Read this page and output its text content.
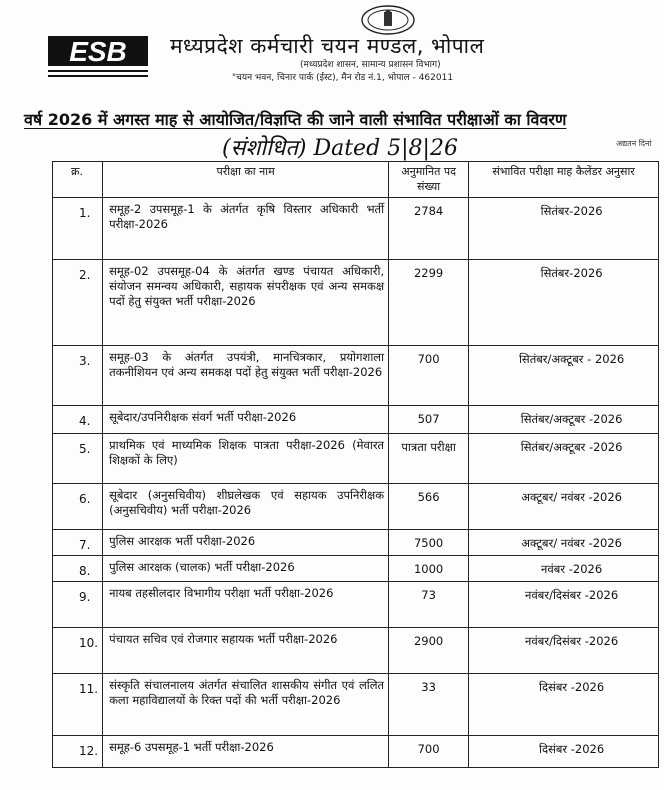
ESB मध्यप्रदेश कर्मचारी चयन मण्डल, भोपाल
(मध्यप्रदेश शासन, सामान्य प्रशासन विभाग)
"चयन भवन, चिनार पार्क (ईस्ट), मैन रोड नं.1, भोपाल - 462011
वर्ष 2026 में अगस्त माह से आयोजित/विज्ञप्ति की जाने वाली संभावित परीक्षाओं का विवरण
(संशोधित) Dated 5|8|26	अद्यतन दिनां
क्र.	परीक्षा का नाम	अनुमानित पद संख्या	संभावित परीक्षा माह कैलेंडर अनुसार
1.	समूह-2 उपसमूह-1 के अंतर्गत कृषि विस्तार अधिकारी भर्ती परीक्षा-2026	2784	सितंबर-2026
2.	समूह-02 उपसमूह-04 के अंतर्गत खण्ड पंचायत अधिकारी, संयोजन समन्वय अधिकारी, सहायक संपरीक्षक एवं अन्य समकक्ष पदों हेतु संयुक्त भर्ती परीक्षा-2026	2299	सितंबर-2026
3.	समूह-03 के अंतर्गत उपयंत्री, मानचित्रकार, प्रयोगशाला तकनीशियन एवं अन्य समकक्ष पदों हेतु संयुक्त भर्ती परीक्षा-2026	700	सितंबर/अक्टूबर - 2026
4.	सूबेदार/उपनिरीक्षक संवर्ग भर्ती परीक्षा-2026	507	सितंबर/अक्टूबर -2026
5.	प्राथमिक एवं माध्यमिक शिक्षक पात्रता परीक्षा-2026 (मेवारत शिक्षकों के लिए)	पात्रता परीक्षा	सितंबर/अक्टूबर -2026
6.	सूबेदार (अनुसचिवीय) शीघ्रलेखक एवं सहायक उपनिरीक्षक (अनुसचिवीय) भर्ती परीक्षा-2026	566	अक्टूबर/ नवंबर -2026
7.	पुलिस आरक्षक भर्ती परीक्षा-2026	7500	अक्टूबर/ नवंबर -2026
8.	पुलिस आरक्षक (चालक) भर्ती परीक्षा-2026	1000	नवंबर -2026
9.	नायब तहसीलदार विभागीय परीक्षा भर्ती परीक्षा-2026	73	नवंबर/दिसंबर -2026
10.	पंचायत सचिव एवं रोजगार सहायक भर्ती परीक्षा-2026	2900	नवंबर/दिसंबर -2026
11.	संस्कृति संचालनालय अंतर्गत संचालित शासकीय संगीत एवं ललित कला महाविद्यालयों के रिक्त पदों की भर्ती परीक्षा-2026	33	दिसंबर -2026
12.	समूह-6 उपसमूह-1 भर्ती परीक्षा-2026	700	दिसंबर -2026
